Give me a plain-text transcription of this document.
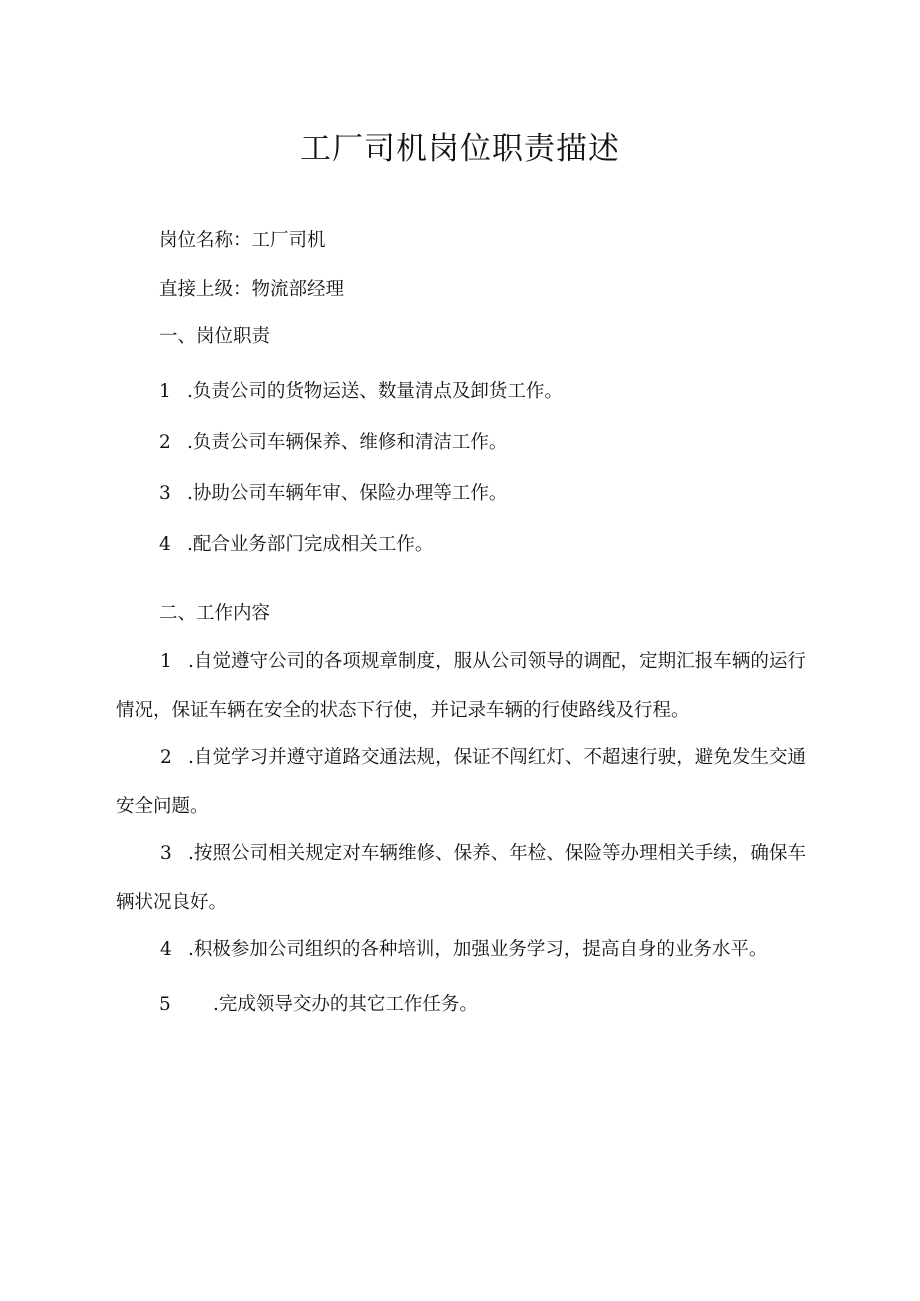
工厂司机岗位职责描述
岗位名称：工厂司机
直接上级：物流部经理
一、岗位职责
1 .负责公司的货物运送、数量清点及卸货工作。
2 .负责公司车辆保养、维修和清洁工作。
3 .协助公司车辆年审、保险办理等工作。
4 .配合业务部门完成相关工作。
二、工作内容
1 .自觉遵守公司的各项规章制度，服从公司领导的调配，定期汇报车辆的运行情况，保证车辆在安全的状态下行使，并记录车辆的行使路线及行程。
2 .自觉学习并遵守道路交通法规，保证不闯红灯、不超速行驶，避免发生交通安全问题。
3 .按照公司相关规定对车辆维修、保养、年检、保险等办理相关手续，确保车辆状况良好。
4 .积极参加公司组织的各种培训，加强业务学习，提高自身的业务水平。
5 .完成领导交办的其它工作任务。
